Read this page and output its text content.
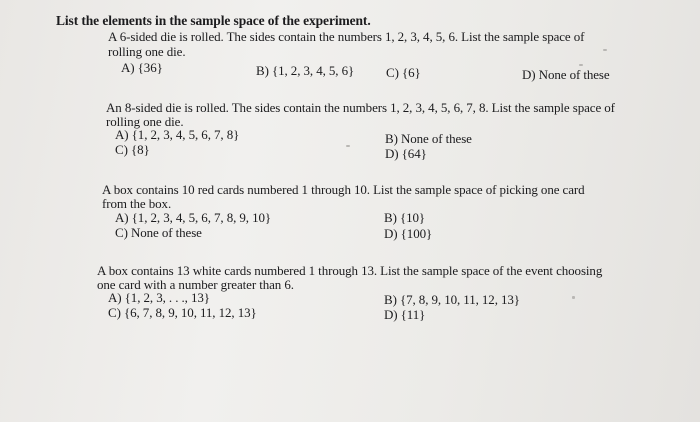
List the elements in the sample space of the experiment.
A 6-sided die is rolled. The sides contain the numbers 1, 2, 3, 4, 5, 6. List the sample space of
rolling one die.
A) {36}	B) {1, 2, 3, 4, 5, 6} C) {6}	D) None of these
An 8-sided die is rolled. The sides contain the numbers 1, 2, 3, 4, 5, 6, 7, 8. List the sample space of
rolling one die.
A) {1, 2, 3, 4, 5, 6, 7, 8}	B) None of these
C) {8}	D) {64}
A box contains 10 red cards numbered 1 through 10. List the sample space of picking one card
from the box.
A) {1, 2, 3, 4, 5, 6, 7, 8, 9, 10}	B) {10}
C) None of these	D) {100}
A box contains 13 white cards numbered 1 through 13. List the sample space of the event choosing
one card with a number greater than 6.
A) {1, 2, 3, . . ., 13}	B) {7, 8, 9, 10, 11, 12, 13}
C) {6, 7, 8, 9, 10, 11, 12, 13}	D) {11}
